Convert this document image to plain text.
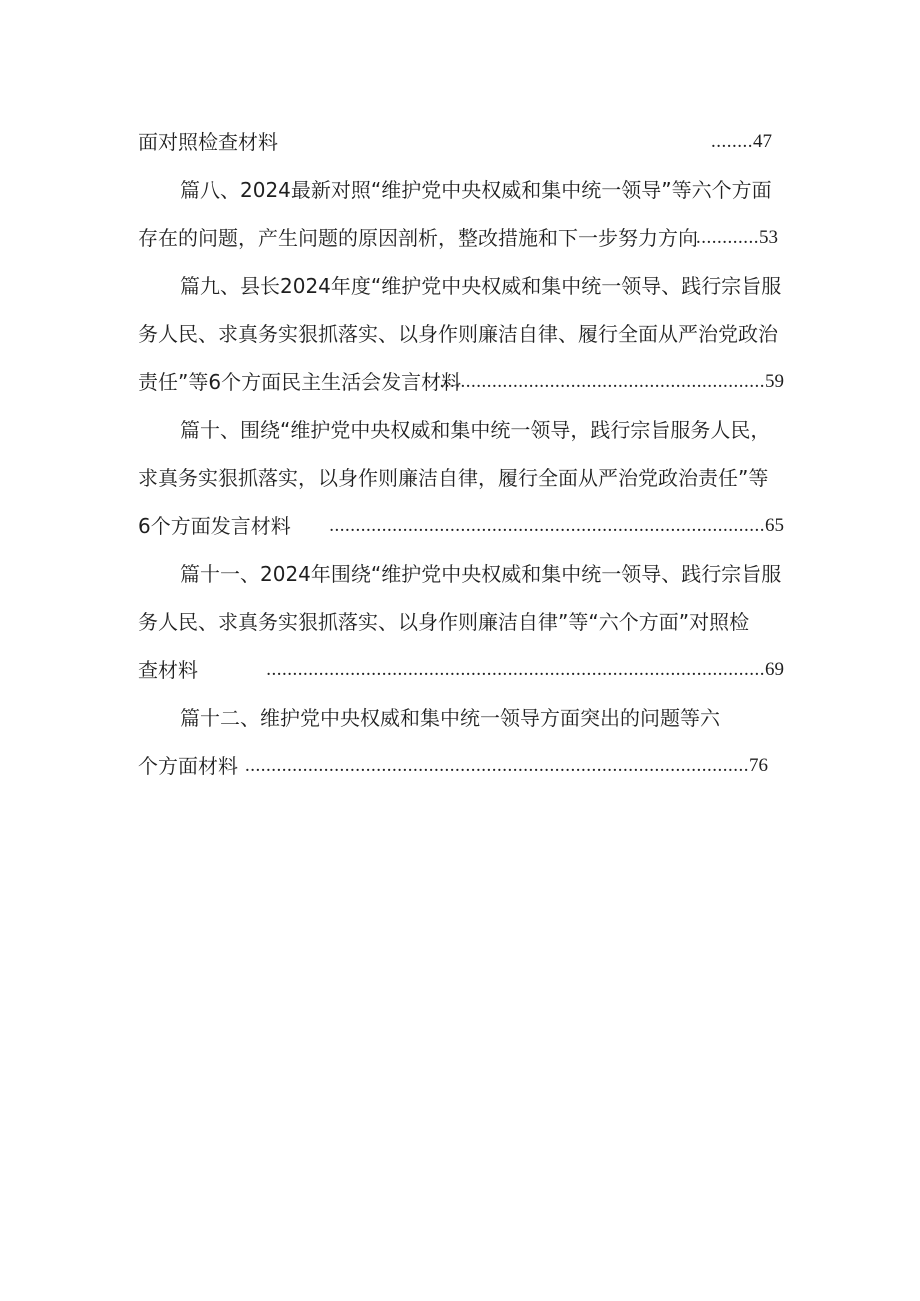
面对照检查材料	........47
篇八、2024最新对照“维护党中央权威和集中统一领导”等六个方面
存在的问题，产生问题的原因剖析，整改措施和下一步努力方向
............53
篇九、县长2024年度“维护党中央权威和集中统一领导、践行宗旨服
务人民、求真务实狠抓落实、以身作则廉洁自律、履行全面从严治党政治
责任”等6个方面民主生活会发言材料
..............................................................59
篇十、围绕“维护党中央权威和集中统一领导，践行宗旨服务人民，
求真务实狠抓落实，以身作则廉洁自律，履行全面从严治党政治责任”等
6个方面发言材料 ...................................................................................65
篇十一、2024年围绕“维护党中央权威和集中统一领导、践行宗旨服
务人民、求真务实狠抓落实、以身作则廉洁自律”等“六个方面”对照检
查材料	...............................................................................................69
篇十二、维护党中央权威和集中统一领导方面突出的问题等六
个方面材料 ................................................................................................76
